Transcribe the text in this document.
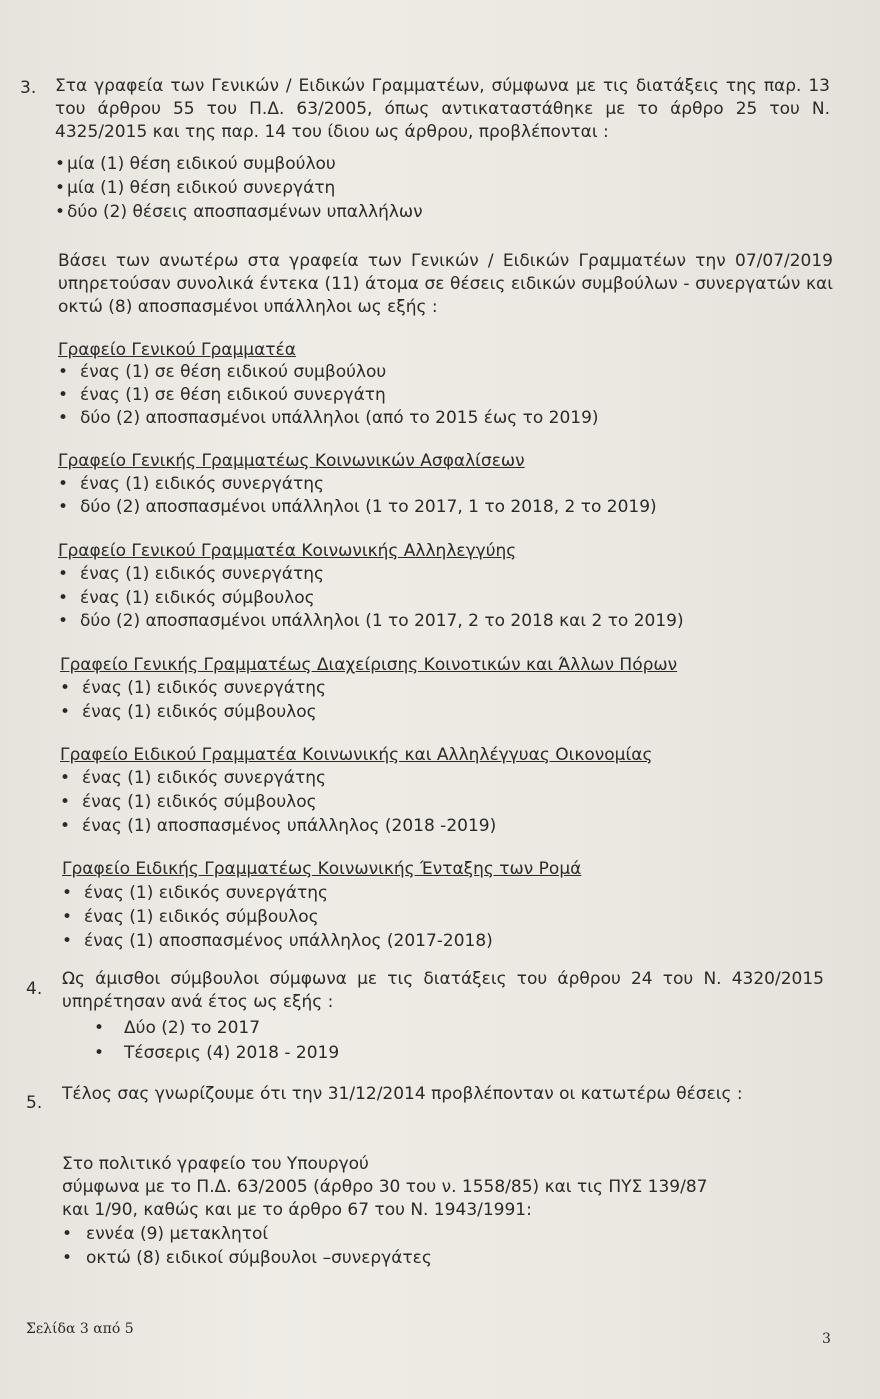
3. Στα γραφεία των Γενικών / Ειδικών Γραμματέων, σύμφωνα με τις διατάξεις της παρ. 13 του άρθρου 55 του Π.Δ. 63/2005, όπως αντικαταστάθηκε με το άρθρο 25 του Ν. 4325/2015 και της παρ. 14 του ίδιου ως άρθρου, προβλέπονται :
• μία (1) θέση ειδικού συμβούλου
• μία (1) θέση ειδικού συνεργάτη
• δύο (2) θέσεις αποσπασμένων υπαλλήλων
Βάσει των ανωτέρω στα γραφεία των Γενικών / Ειδικών Γραμματέων την 07/07/2019 υπηρετούσαν συνολικά έντεκα (11) άτομα σε θέσεις ειδικών συμβούλων - συνεργατών και οκτώ (8) αποσπασμένοι υπάλληλοι ως εξής :
Γραφείο Γενικού Γραμματέα
• ένας (1) σε θέση ειδικού συμβούλου
• ένας (1) σε θέση ειδικού συνεργάτη
• δύο (2) αποσπασμένοι υπάλληλοι (από το 2015 έως το 2019)
Γραφείο Γενικής Γραμματέως Κοινωνικών Ασφαλίσεων
• ένας (1) ειδικός συνεργάτης
• δύο (2) αποσπασμένοι υπάλληλοι (1 το 2017, 1 το 2018, 2 το 2019)
Γραφείο Γενικού Γραμματέα Κοινωνικής Αλληλεγγύης
• ένας (1) ειδικός συνεργάτης
• ένας (1) ειδικός σύμβουλος
• δύο (2) αποσπασμένοι υπάλληλοι (1 το 2017, 2 το 2018 και 2 το 2019)
Γραφείο Γενικής Γραμματέως Διαχείρισης Κοινοτικών και Άλλων Πόρων
• ένας (1) ειδικός συνεργάτης
• ένας (1) ειδικός σύμβουλος
Γραφείο Ειδικού Γραμματέα Κοινωνικής και Αλληλέγγυας Οικονομίας
• ένας (1) ειδικός συνεργάτης
• ένας (1) ειδικός σύμβουλος
• ένας (1) αποσπασμένος υπάλληλος (2018 -2019)
Γραφείο Ειδικής Γραμματέως Κοινωνικής Ένταξης των Ρομά
• ένας (1) ειδικός συνεργάτης
• ένας (1) ειδικός σύμβουλος
• ένας (1) αποσπασμένος υπάλληλος (2017-2018)
4. Ως άμισθοι σύμβουλοι σύμφωνα με τις διατάξεις του άρθρου 24 του Ν. 4320/2015 υπηρέτησαν ανά έτος ως εξής :
• Δύο (2) το 2017
• Τέσσερις (4) 2018 - 2019
5. Τέλος σας γνωρίζουμε ότι την 31/12/2014 προβλέπονταν οι κατωτέρω θέσεις :
Στο πολιτικό γραφείο του Υπουργού
σύμφωνα με το Π.Δ. 63/2005 (άρθρο 30 του ν. 1558/85) και τις ΠΥΣ 139/87
και 1/90, καθώς και με το άρθρο 67 του Ν. 1943/1991:
• εννέα (9) μετακλητοί
• οκτώ (8) ειδικοί σύμβουλοι –συνεργάτες
Σελίδα 3 από 5
3
